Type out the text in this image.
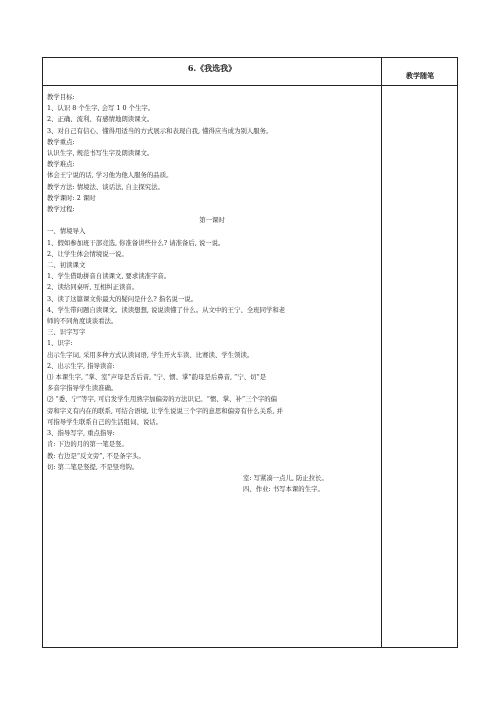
6.《我选我》
教学随笔

教学目标:

1、认识 8 个生字, 会写 1 0 个生字。

2、正确、流利、有感情地朗读课文。

3、对自己有信心、懂得用适当的方式展示和表现自我, 懂得应当成为别人服务。

教学重点:

认识生字, 规范书写生字及朗读课文。

教学难点:

体会王宁说的话, 学习他为他人服务的品质。

教学方法: 情境法、谈话法, 自主探究法。

教学课时: 2 课时

教学过程:

第一课时

一、情境导入

1、假如参加班干部竞选, 你准备讲些什么? 请准备后, 说一说。

2、让学生体会情境说一说。

二、初读课文

1、学生借助拼音自读课文, 要求读准字音。

2、读给同桌听, 互相纠正读音。

3、读了这篇课文你最大的疑问是什么? 指名说一说。

4、学生带问题自读课文。读读想想, 说说读懂了什么。从文中的王宁、全班同学和老

师的不同角度谈谈看法。

三、识字写字

1、识字:

出示生字词, 采用多种方式认读词语, 学生开火车读、比赛读、学生领读。

2、出示生字, 指导读音:

⑴ 本课生字, “掌、室”声母是舌后音, “宁、惯、掌”韵母是后鼻音, “宁、切”是

多音字指导学生读准确。

⑵ “委、宁”等字, 可启发学生用熟字加偏旁的方法识记。“惯、掌、补”三个字的偏

旁和字义有内在的联系, 可结合语境, 让学生说说三个字的意思和偏旁有什么关系, 并

可指导学生联系自己的生活组词、说话。

3、指导写字, 重点指导:

肯: 下边的月的第一笔是竖。

教: 右边是“反文旁”, 不是条字头。

切: 第二笔是竖提, 不是竖弯钩。

室: 写紧凑一点儿, 防止拉长。

四、作业: 书写本课的生字。
